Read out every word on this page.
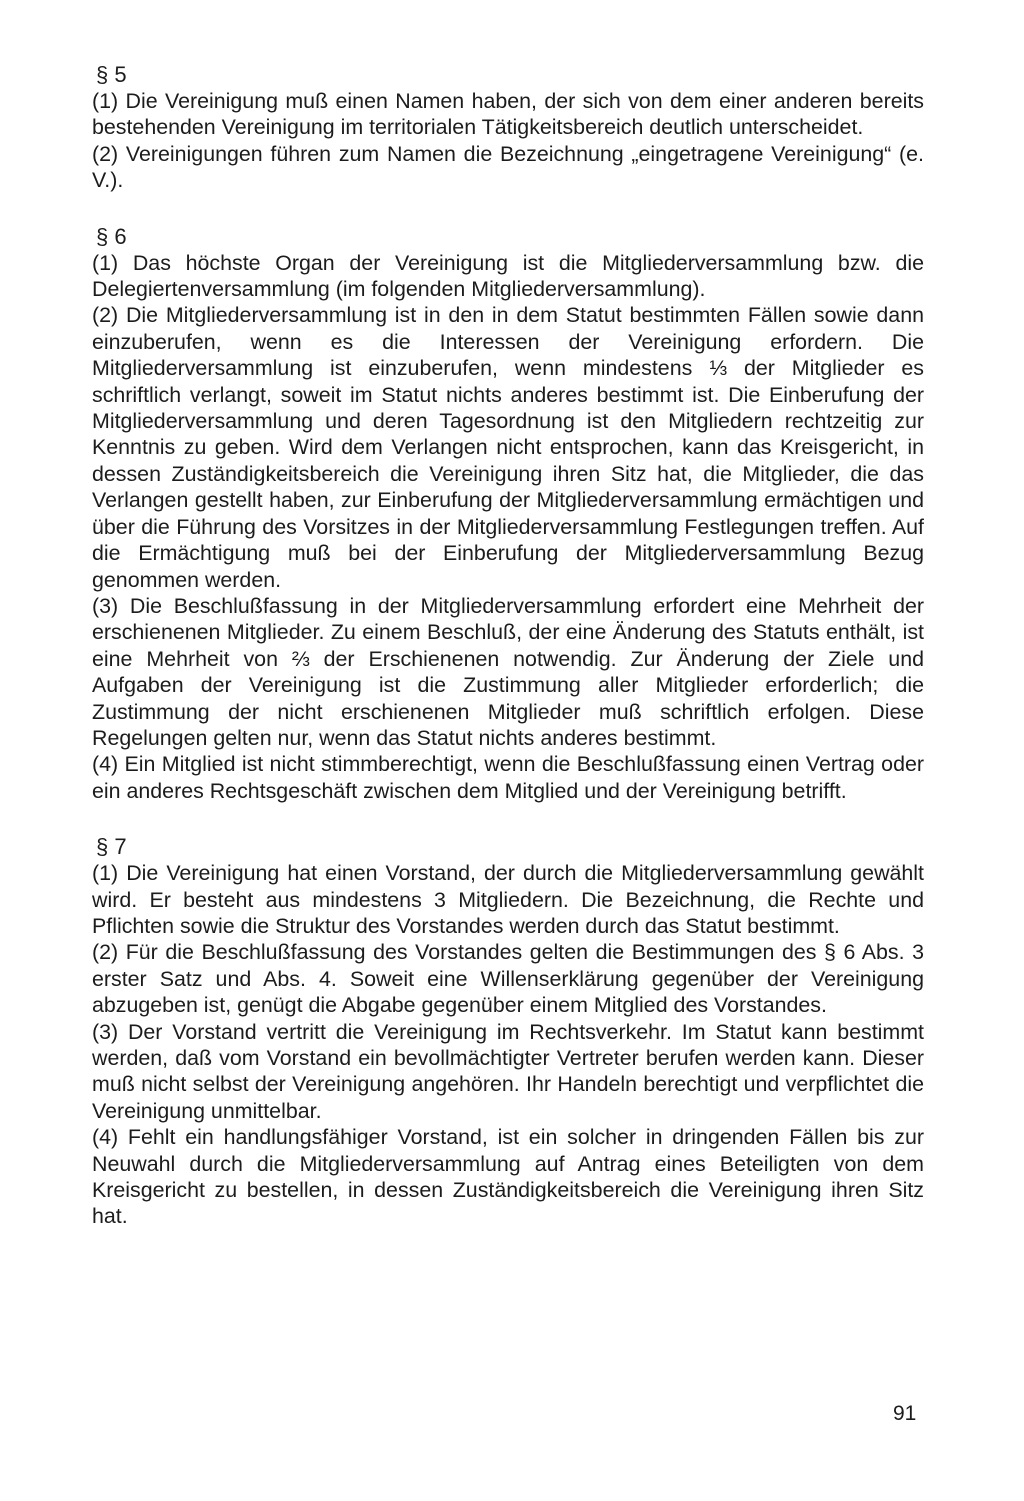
§ 5

(1) Die Vereinigung muß einen Namen haben, der sich von dem einer anderen bereits bestehenden Vereinigung im territorialen Tätigkeitsbereich deutlich unterscheidet.

(2) Vereinigungen führen zum Namen die Bezeichnung „eingetragene Vereinigung“ (e. V.).

§ 6

(1) Das höchste Organ der Vereinigung ist die Mitgliederversammlung bzw. die Delegiertenversammlung (im folgenden Mitgliederversammlung).

(2) Die Mitgliederversammlung ist in den in dem Statut bestimmten Fällen sowie dann einzuberufen, wenn es die Interessen der Vereinigung erfordern. Die Mitgliederversammlung ist einzuberufen, wenn mindestens ⅓ der Mitglieder es schriftlich verlangt, soweit im Statut nichts anderes bestimmt ist. Die Einberufung der Mitgliederversammlung und deren Tagesordnung ist den Mitgliedern rechtzeitig zur Kenntnis zu geben. Wird dem Verlangen nicht entsprochen, kann das Kreisgericht, in dessen Zuständigkeitsbereich die Vereinigung ihren Sitz hat, die Mitglieder, die das Verlangen gestellt haben, zur Einberufung der Mitgliederversammlung ermächtigen und über die Führung des Vorsitzes in der Mitgliederversammlung Festlegungen treffen. Auf die Ermächtigung muß bei der Einberufung der Mitgliederversammlung Bezug genommen werden.

(3) Die Beschlußfassung in der Mitgliederversammlung erfordert eine Mehrheit der erschienenen Mitglieder. Zu einem Beschluß, der eine Änderung des Statuts enthält, ist eine Mehrheit von ⅔ der Erschienenen notwendig. Zur Änderung der Ziele und Aufgaben der Vereinigung ist die Zustimmung aller Mitglieder erforderlich; die Zustimmung der nicht erschienenen Mitglieder muß schriftlich erfolgen. Diese Regelungen gelten nur, wenn das Statut nichts anderes bestimmt.

(4) Ein Mitglied ist nicht stimmberechtigt, wenn die Beschlußfassung einen Vertrag oder ein anderes Rechtsgeschäft zwischen dem Mitglied und der Vereinigung betrifft.

§ 7

(1) Die Vereinigung hat einen Vorstand, der durch die Mitgliederversammlung gewählt wird. Er besteht aus mindestens 3 Mitgliedern. Die Bezeichnung, die Rechte und Pflichten sowie die Struktur des Vorstandes werden durch das Statut bestimmt.

(2) Für die Beschlußfassung des Vorstandes gelten die Bestimmungen des § 6 Abs. 3 erster Satz und Abs. 4. Soweit eine Willenserklärung gegenüber der Vereinigung abzugeben ist, genügt die Abgabe gegenüber einem Mitglied des Vorstandes.

(3) Der Vorstand vertritt die Vereinigung im Rechtsverkehr. Im Statut kann bestimmt werden, daß vom Vorstand ein bevollmächtigter Vertreter berufen werden kann. Dieser muß nicht selbst der Vereinigung angehören. Ihr Handeln berechtigt und verpflichtet die Vereinigung unmittelbar.

(4) Fehlt ein handlungsfähiger Vorstand, ist ein solcher in dringenden Fällen bis zur Neuwahl durch die Mitgliederversammlung auf Antrag eines Beteiligten von dem Kreisgericht zu bestellen, in dessen Zuständigkeitsbereich die Vereinigung ihren Sitz hat.

91
